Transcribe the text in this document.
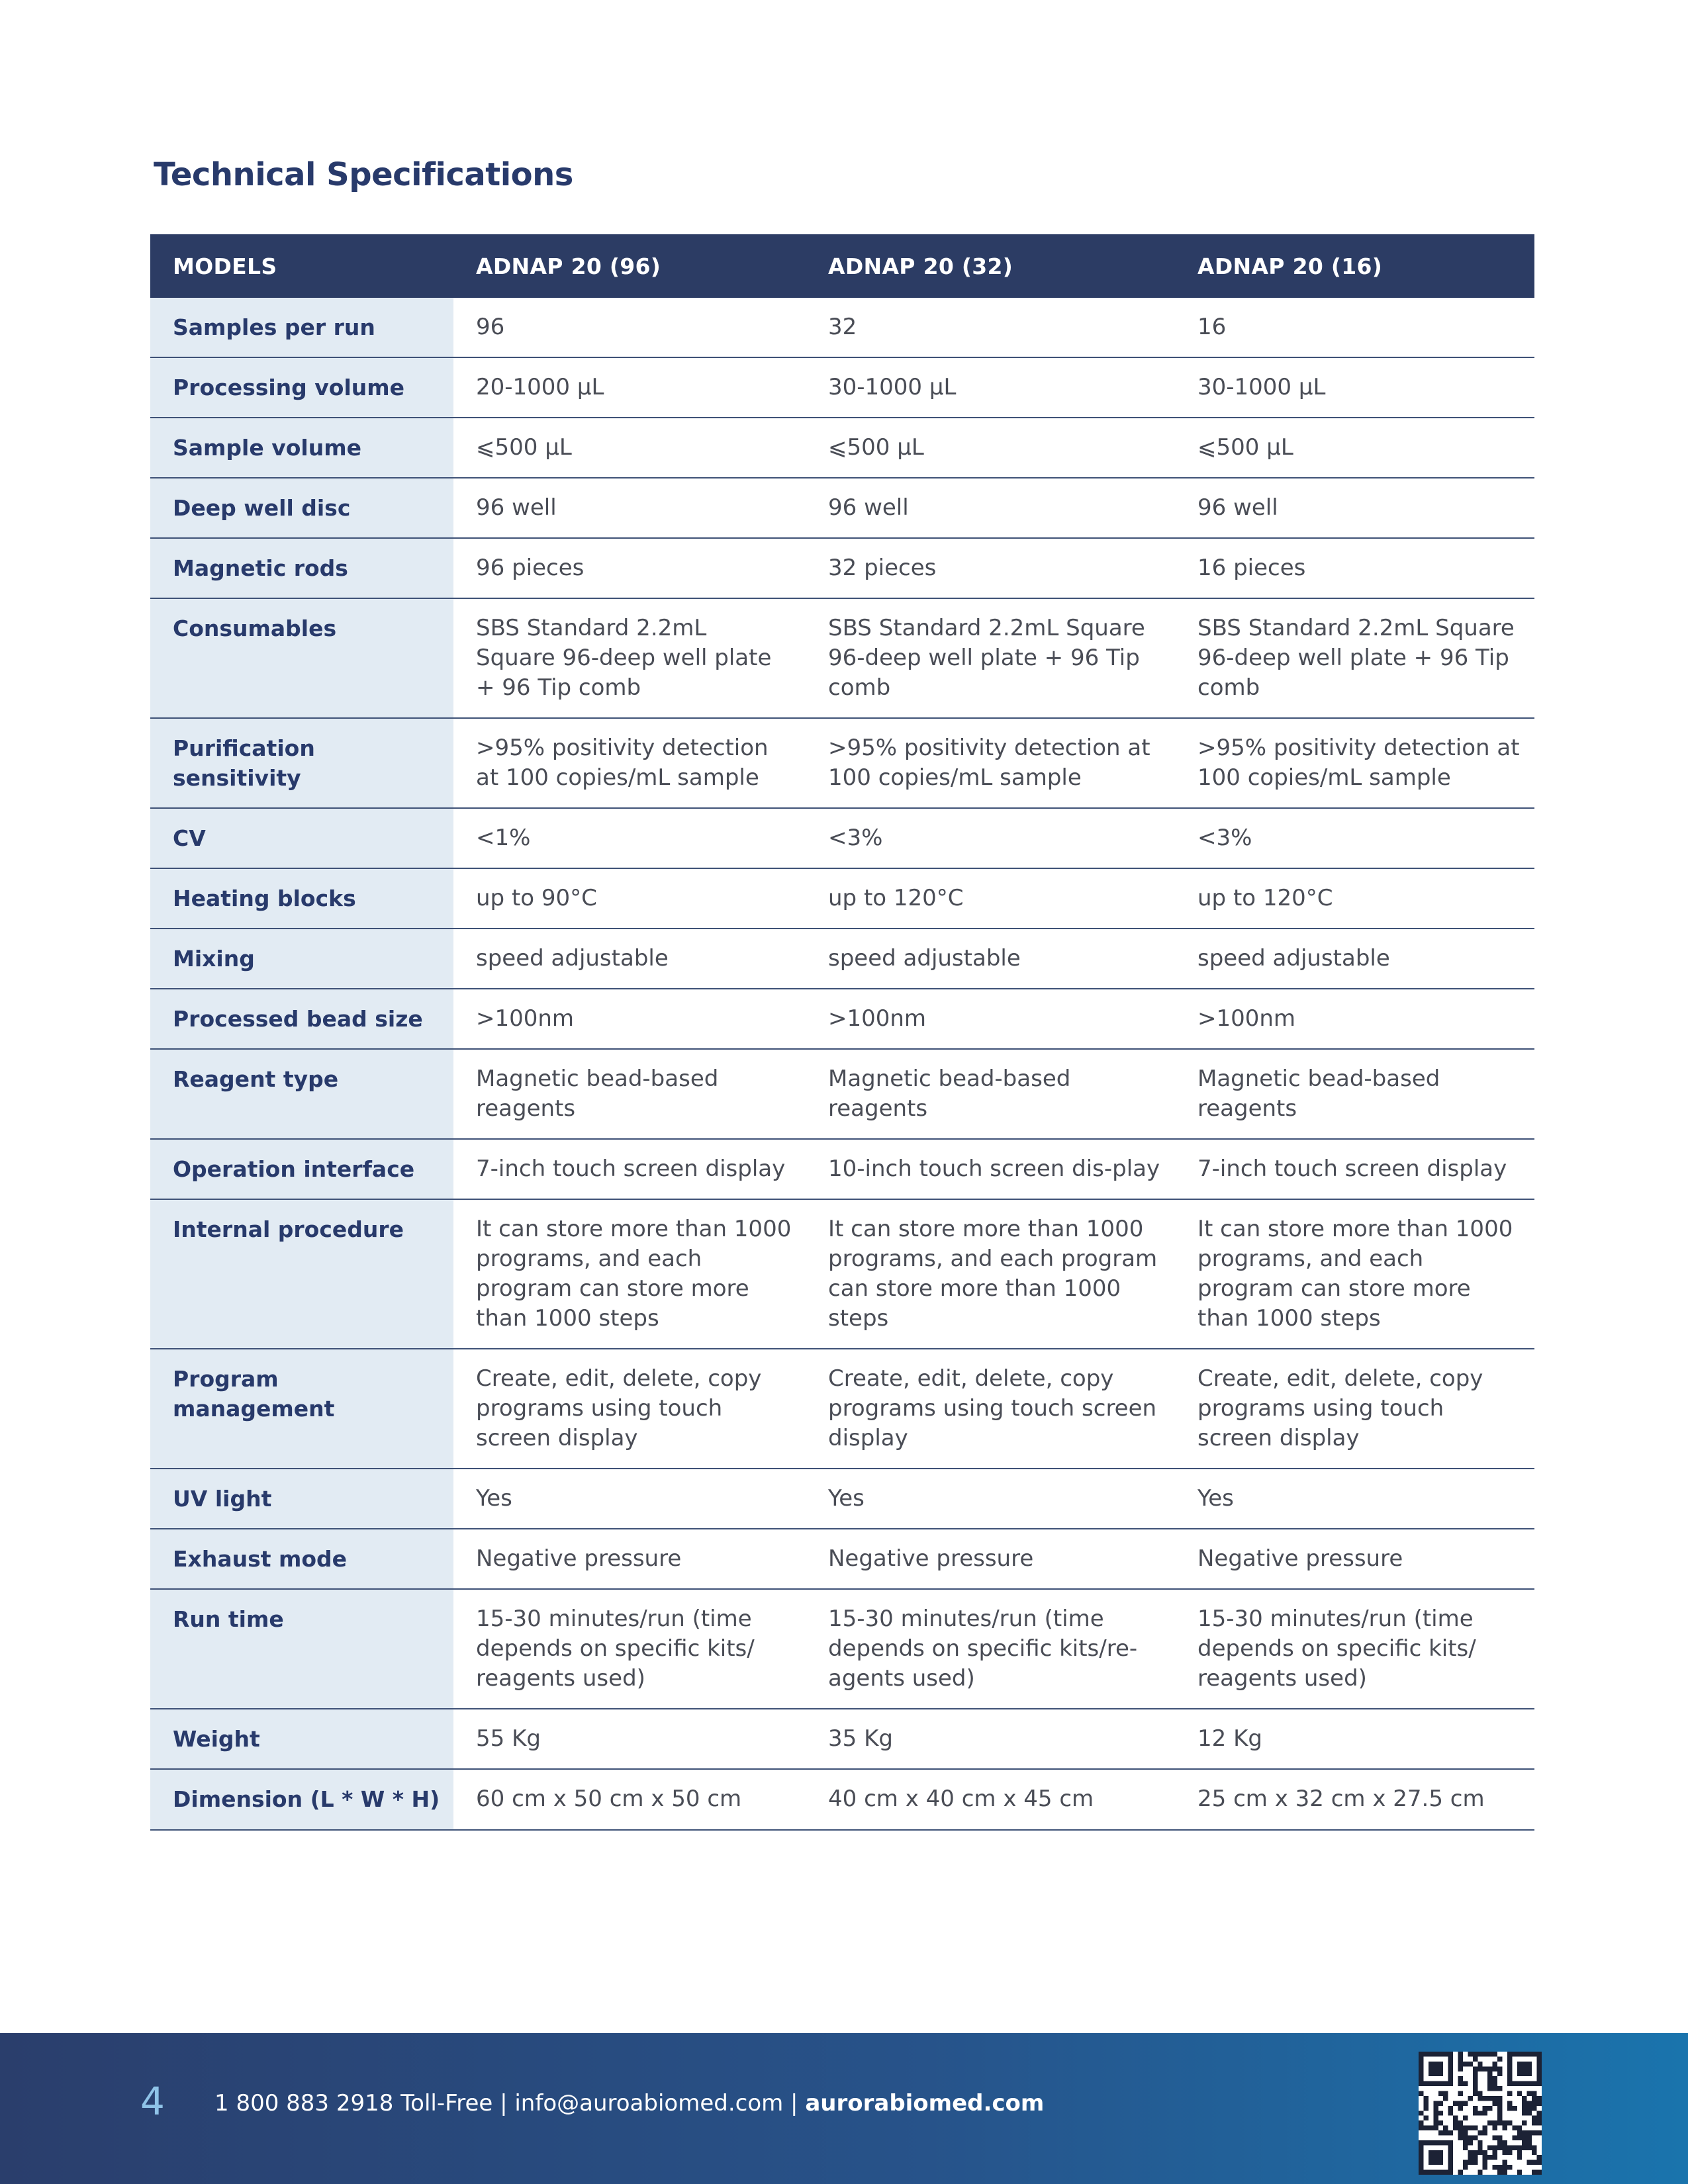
Technical Specifications
MODELS	ADNAP 20 (96)	ADNAP 20 (32)	ADNAP 20 (16)
Samples per run	96	32	16
Processing volume	20-1000 µL	30-1000 µL	30-1000 µL
Sample volume	⩽500 µL	⩽500 µL	⩽500 µL
Deep well disc	96 well	96 well	96 well
Magnetic rods	96 pieces	32 pieces	16 pieces
Consumables	SBS Standard 2.2mL Square 96-deep well plate + 96 Tip comb	SBS Standard 2.2mL Square 96-deep well plate + 96 Tip comb	SBS Standard 2.2mL Square 96-deep well plate + 96 Tip comb
Purification sensitivity	>95% positivity detection at 100 copies/mL sample	>95% positivity detection at 100 copies/mL sample	>95% positivity detection at 100 copies/mL sample
CV	<1%	<3%	<3%
Heating blocks	up to 90°C	up to 120°C	up to 120°C
Mixing	speed adjustable	speed adjustable	speed adjustable
Processed bead size	>100nm	>100nm	>100nm
Reagent type	Magnetic bead-based reagents	Magnetic bead-based reagents	Magnetic bead-based reagents
Operation interface	7-inch touch screen display	10-inch touch screen dis-play	7-inch touch screen display
Internal procedure	It can store more than 1000 programs, and each program can store more than 1000 steps	It can store more than 1000 programs, and each program can store more than 1000 steps	It can store more than 1000 programs, and each program can store more than 1000 steps
Program management	Create, edit, delete, copy programs using touch screen display	Create, edit, delete, copy programs using touch screen display	Create, edit, delete, copy programs using touch screen display
UV light	Yes	Yes	Yes
Exhaust mode	Negative pressure	Negative pressure	Negative pressure
Run time	15-30 minutes/run (time depends on specific kits/ reagents used)	15-30 minutes/run (time depends on specific kits/re-agents used)	15-30 minutes/run (time depends on specific kits/ reagents used)
Weight	55 Kg	35 Kg	12 Kg
Dimension (L * W * H)	60 cm x 50 cm x 50 cm	40 cm x 40 cm x 45 cm	25 cm x 32 cm x 27.5 cm
4 1 800 883 2918 Toll-Free | info@auroabiomed.com | aurorabiomed.com
